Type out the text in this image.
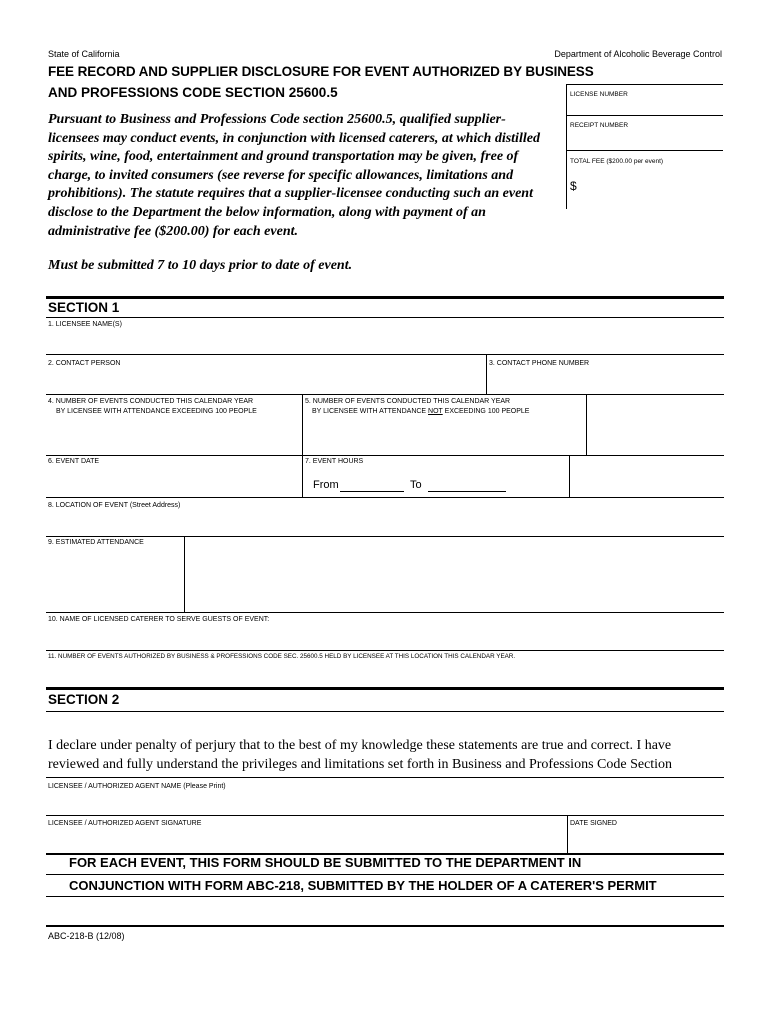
State of California	Department of Alcoholic Beverage Control
FEE RECORD AND SUPPLIER DISCLOSURE FOR EVENT AUTHORIZED BY BUSINESS
AND PROFESSIONS CODE SECTION 25600.5	LICENSE NUMBER
RECEIPT NUMBER
TOTAL FEE ($200.00 per event)
$
Pursuant to Business and Professions Code section 25600.5, qualified supplier-licensees may conduct events, in conjunction with licensed caterers, at which distilled spirits, wine, food, entertainment and ground transportation may be given, free of charge, to invited consumers (see reverse for specific allowances, limitations and prohibitions). The statute requires that a supplier-licensee conducting such an event disclose to the Department the below information, along with payment of an administrative fee ($200.00) for each event.
Must be submitted 7 to 10 days prior to date of event.
SECTION 1
1. LICENSEE NAME(S)
2. CONTACT PERSON	3. CONTACT PHONE NUMBER
4. NUMBER OF EVENTS CONDUCTED THIS CALENDAR YEAR
BY LICENSEE WITH ATTENDANCE EXCEEDING 100 PEOPLE
5. NUMBER OF EVENTS CONDUCTED THIS CALENDAR YEAR
BY LICENSEE WITH ATTENDANCE NOT EXCEEDING 100 PEOPLE
6. EVENT DATE	7. EVENT HOURS
From	To
8. LOCATION OF EVENT (Street Address)
9. ESTIMATED ATTENDANCE
10. NAME OF LICENSED CATERER TO SERVE GUESTS OF EVENT:
11. NUMBER OF EVENTS AUTHORIZED BY BUSINESS & PROFESSIONS CODE SEC. 25600.5 HELD BY LICENSEE AT THIS LOCATION THIS CALENDAR YEAR.
SECTION 2
I declare under penalty of perjury that to the best of my knowledge these statements are true and correct. I have
reviewed and fully understand the privileges and limitations set forth in Business and Professions Code Section
LICENSEE / AUTHORIZED AGENT NAME (Please Print)
LICENSEE / AUTHORIZED AGENT SIGNATURE	DATE SIGNED
FOR EACH EVENT, THIS FORM SHOULD BE SUBMITTED TO THE DEPARTMENT IN
CONJUNCTION WITH FORM ABC-218, SUBMITTED BY THE HOLDER OF A CATERER'S PERMIT
ABC-218-B (12/08)
